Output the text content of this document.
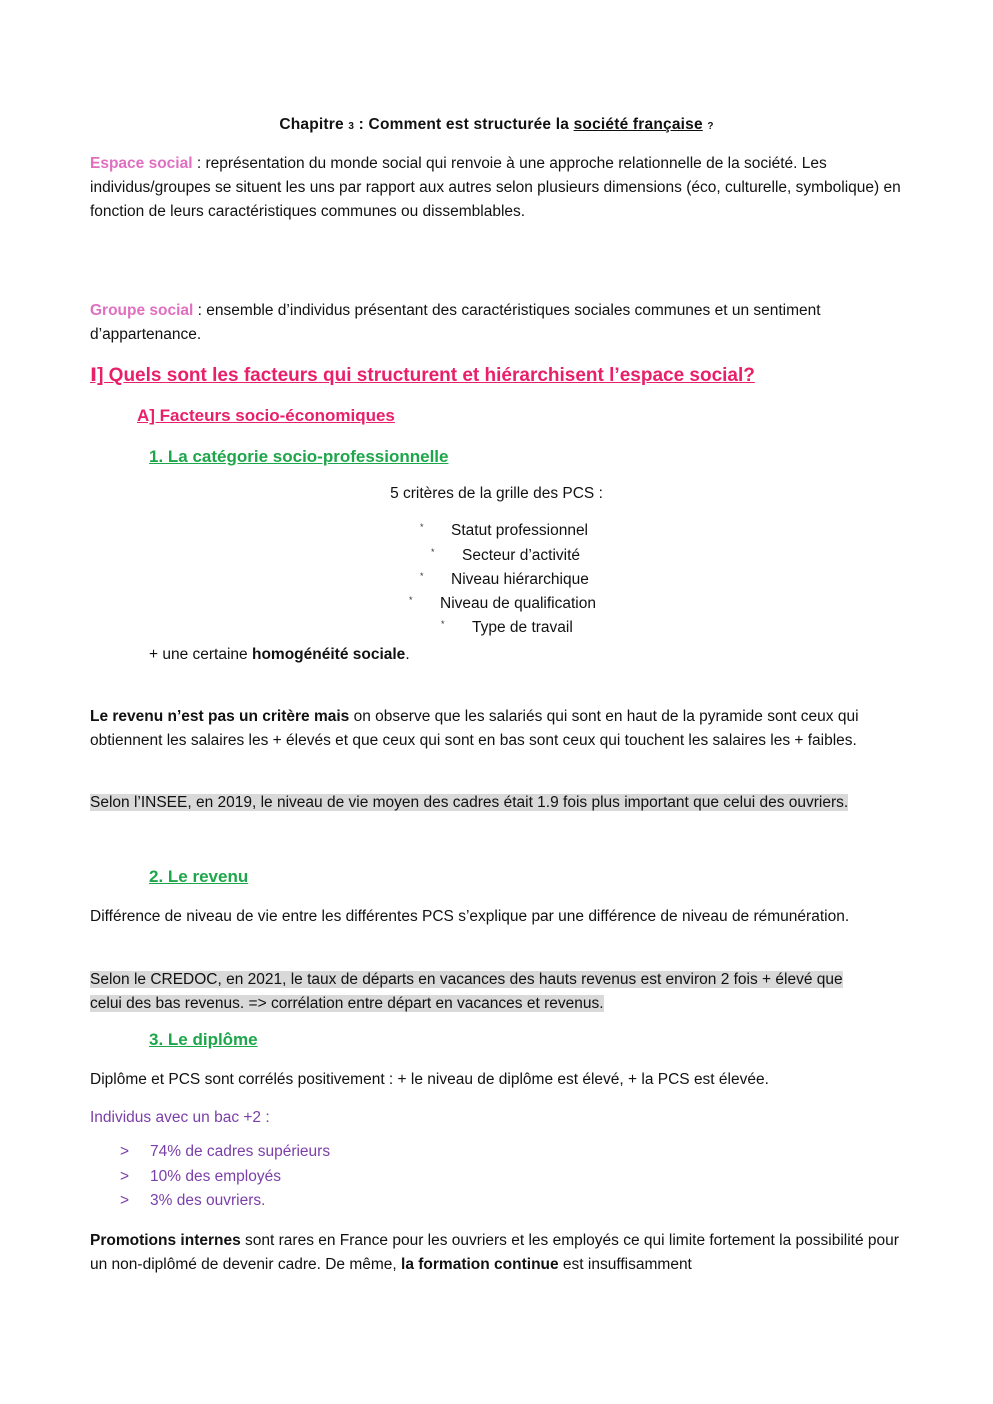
Chapitre 3 : Comment est structurée la société française ?
Espace social : représentation du monde social qui renvoie à une approche relationnelle de la société. Les individus/groupes se situent les uns par rapport aux autres selon plusieurs dimensions (éco, culturelle, symbolique) en fonction de leurs caractéristiques communes ou dissemblables.
Groupe social : ensemble d’individus présentant des caractéristiques sociales communes et un sentiment d’appartenance.
Ⅰ] Quels sont les facteurs qui structurent et hiérarchisent l’espace social?
A] Facteurs socio-économiques
1. La catégorie socio-professionnelle
5 critères de la grille des PCS :
* Statut professionnel
* Secteur d’activité
* Niveau hiérarchique
* Niveau de qualification
* Type de travail
+ une certaine homogénéité sociale.
Le revenu n’est pas un critère mais on observe que les salariés qui sont en haut de la pyramide sont ceux qui obtiennent les salaires les + élevés et que ceux qui sont en bas sont ceux qui touchent les salaires les + faibles.
Selon l’INSEE, en 2019, le niveau de vie moyen des cadres était 1.9 fois plus important que celui des ouvriers.
2. Le revenu
Différence de niveau de vie entre les différentes PCS s’explique par une différence de niveau de rémunération.
Selon le CREDOC, en 2021, le taux de départs en vacances des hauts revenus est environ 2 fois + élevé que
celui des bas revenus. => corrélation entre départ en vacances et revenus.
3. Le diplôme
Diplôme et PCS sont corrélés positivement : + le niveau de diplôme est élevé, + la PCS est élevée.
Individus avec un bac +2 :
> 74% de cadres supérieurs
> 10% des employés
> 3% des ouvriers.
Promotions internes sont rares en France pour les ouvriers et les employés ce qui limite fortement la possibilité pour un non-diplômé de devenir cadre. De même, la formation continue est insuffisamment
